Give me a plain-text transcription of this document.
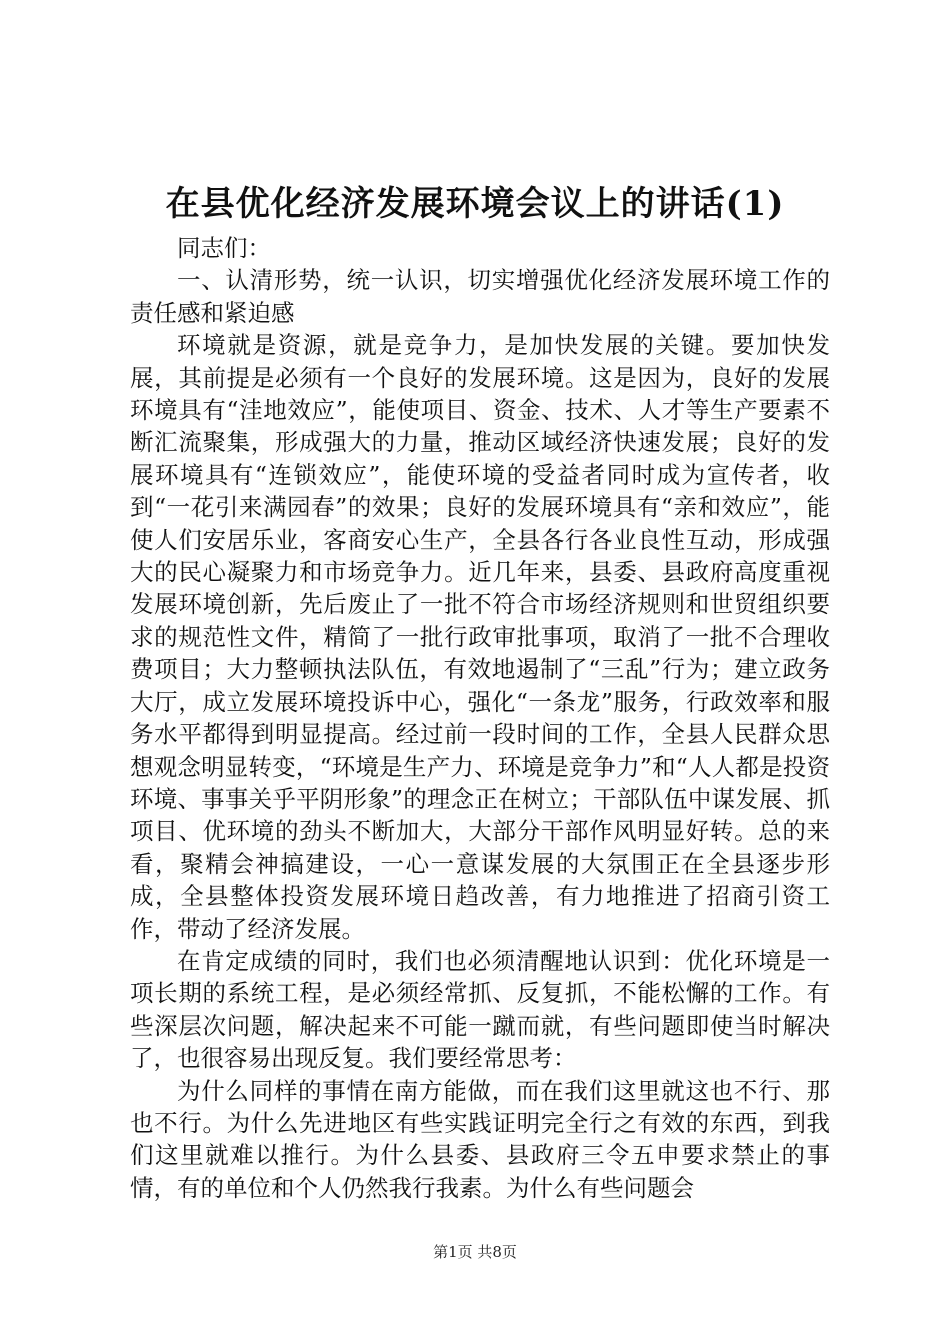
在县优化经济发展环境会议上的讲话(1)

同志们：

一、认清形势，统一认识，切实增强优化经济发展环境工作的责任感和紧迫感

环境就是资源，就是竞争力，是加快发展的关键。要加快发展，其前提是必须有一个良好的发展环境。这是因为，良好的发展环境具有“洼地效应”，能使项目、资金、技术、人才等生产要素不断汇流聚集，形成强大的力量，推动区域经济快速发展；良好的发展环境具有“连锁效应”，能使环境的受益者同时成为宣传者，收到“一花引来满园春”的效果；良好的发展环境具有“亲和效应”，能使人们安居乐业，客商安心生产，全县各行各业良性互动，形成强大的民心凝聚力和市场竞争力。近几年来，县委、县政府高度重视发展环境创新，先后废止了一批不符合市场经济规则和世贸组织要求的规范性文件，精简了一批行政审批事项，取消了一批不合理收费项目；大力整顿执法队伍，有效地遏制了“三乱”行为；建立政务大厅，成立发展环境投诉中心，强化“一条龙”服务，行政效率和服务水平都得到明显提高。经过前一段时间的工作，全县人民群众思想观念明显转变，“环境是生产力、环境是竞争力”和“人人都是投资环境、事事关乎平阴形象”的理念正在树立；干部队伍中谋发展、抓项目、优环境的劲头不断加大，大部分干部作风明显好转。总的来看，聚精会神搞建设，一心一意谋发展的大氛围正在全县逐步形成，全县整体投资发展环境日趋改善，有力地推进了招商引资工作，带动了经济发展。

在肯定成绩的同时，我们也必须清醒地认识到：优化环境是一项长期的系统工程，是必须经常抓、反复抓，不能松懈的工作。有些深层次问题，解决起来不可能一蹴而就，有些问题即使当时解决了，也很容易出现反复。我们要经常思考：

为什么同样的事情在南方能做，而在我们这里就这也不行、那也不行。为什么先进地区有些实践证明完全行之有效的东西，到我们这里就难以推行。为什么县委、县政府三令五申要求禁止的事情，有的单位和个人仍然我行我素。为什么有些问题会

第1页 共8页
